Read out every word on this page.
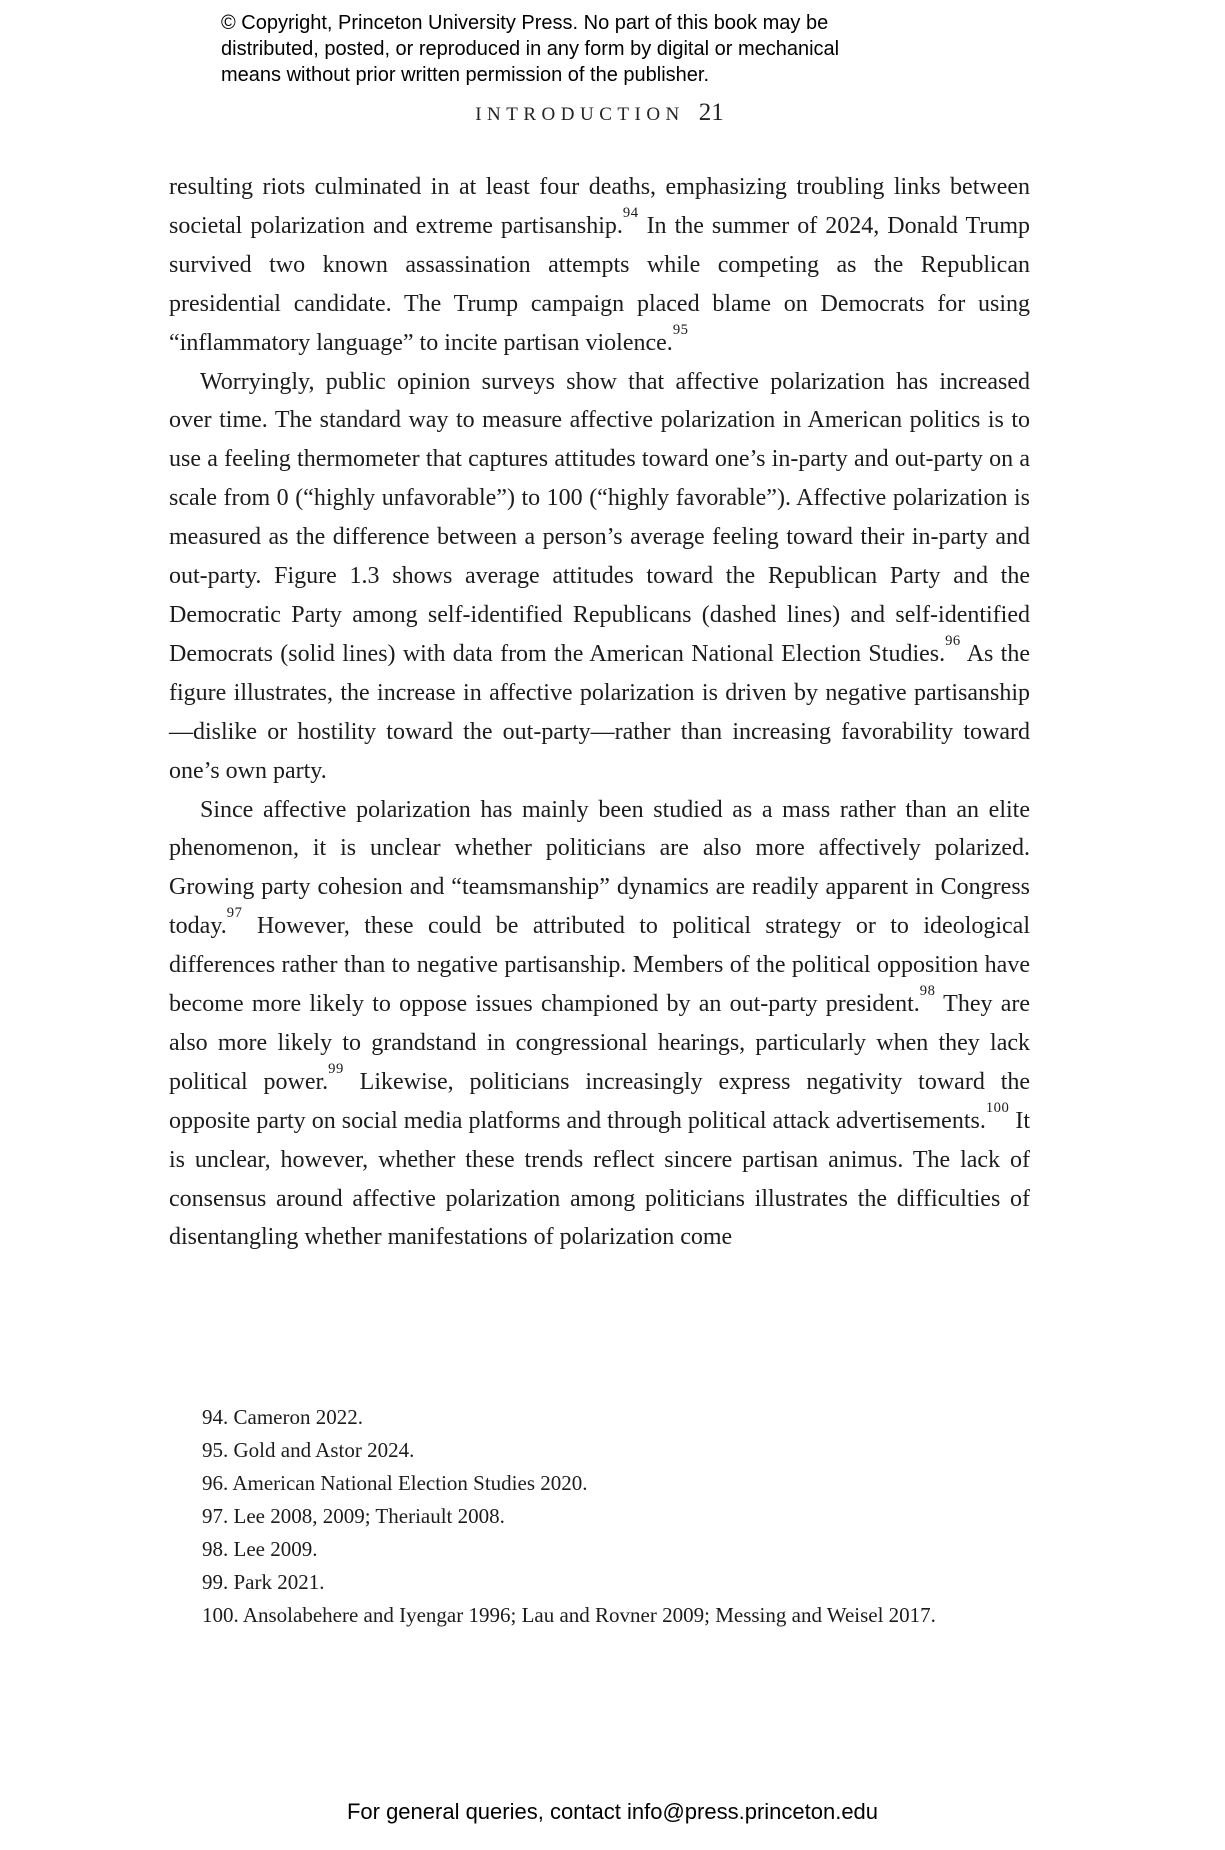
© Copyright, Princeton University Press. No part of this book may be
distributed, posted, or reproduced in any form by digital or mechanical
means without prior written permission of the publisher.
INTRODUCTION 21

resulting riots culminated in at least four deaths, emphasizing troubling links between societal polarization and extreme partisanship.$^{94}$ In the summer of 2024, Donald Trump survived two known assassination attempts while competing as the Republican presidential candidate. The Trump campaign placed blame on Democrats for using “inflammatory language” to incite partisan violence.$^{95}$

Worryingly, public opinion surveys show that affective polarization has increased over time. The standard way to measure affective polarization in American politics is to use a feeling thermometer that captures attitudes toward one’s in-party and out-party on a scale from 0 (“highly unfavorable”) to 100 (“highly favorable”). Affective polarization is measured as the difference between a person’s average feeling toward their in-party and out-party. Figure 1.3 shows average attitudes toward the Republican Party and the Democratic Party among self-identified Republicans (dashed lines) and self-identified Democrats (solid lines) with data from the American National Election Studies.$^{96}$ As the figure illustrates, the increase in affective polarization is driven by negative partisanship—dislike or hostility toward the out-party—rather than increasing favorability toward one’s own party.

Since affective polarization has mainly been studied as a mass rather than an elite phenomenon, it is unclear whether politicians are also more affectively polarized. Growing party cohesion and “teamsmanship” dynamics are readily apparent in Congress today.$^{97}$ However, these could be attributed to political strategy or to ideological differences rather than to negative partisanship. Members of the political opposition have become more likely to oppose issues championed by an out-party president.$^{98}$ They are also more likely to grandstand in congressional hearings, particularly when they lack political power.$^{99}$ Likewise, politicians increasingly express negativity toward the opposite party on social media platforms and through political attack advertisements.$^{100}$ It is unclear, however, whether these trends reflect sincere partisan animus. The lack of consensus around affective polarization among politicians illustrates the difficulties of disentangling whether manifestations of polarization come

94. Cameron 2022.

95. Gold and Astor 2024.

96. American National Election Studies 2020.

97. Lee 2008, 2009; Theriault 2008.

98. Lee 2009.

99. Park 2021.

100. Ansolabehere and Iyengar 1996; Lau and Rovner 2009; Messing and Weisel 2017.

For general queries, contact info@press.princeton.edu
